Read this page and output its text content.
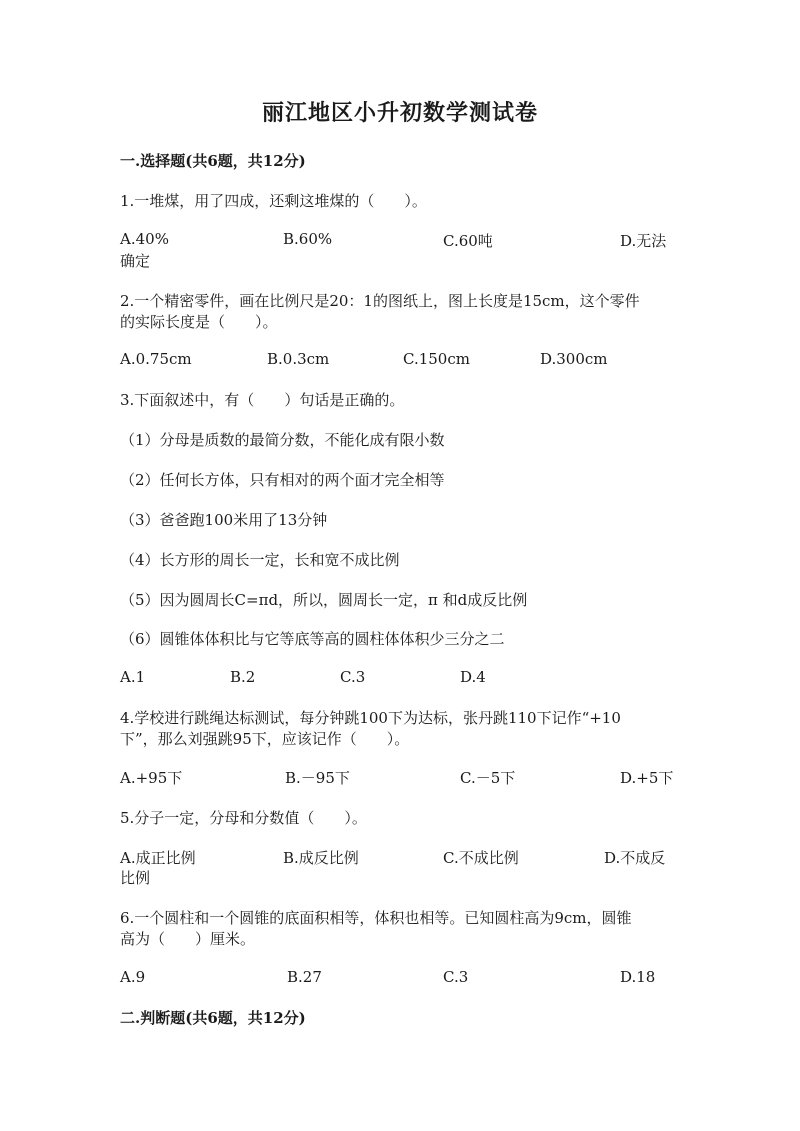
丽江地区小升初数学测试卷
一.选择题(共6题，共12分)
1.一堆煤，用了四成，还剩这堆煤的（　　）。
A.40%	B.60%	C.60吨	D.无法
确定
2.一个精密零件，画在比例尺是20：1的图纸上，图上长度是15cm，这个零件
的实际长度是（　　）。
A.0.75cm	B.0.3cm	C.150cm	D.300cm
3.下面叙述中，有（　　）句话是正确的。
（1）分母是质数的最简分数，不能化成有限小数
（2）任何长方体，只有相对的两个面才完全相等
（3）爸爸跑100米用了13分钟
（4）长方形的周长一定，长和宽不成比例
（5）因为圆周长C=πd，所以，圆周长一定，π 和d成反比例
（6）圆锥体体积比与它等底等高的圆柱体体积少三分之二
A.1	B.2	C.3	D.4
4.学校进行跳绳达标测试，每分钟跳100下为达标，张丹跳110下记作“+10
下”，那么刘强跳95下，应该记作（　　）。
A.+95下	B.－95下	C.－5下	D.+5下
5.分子一定，分母和分数值（　　）。
A.成正比例	B.成反比例	C.不成比例	D.不成反
比例
6.一个圆柱和一个圆锥的底面积相等，体积也相等。已知圆柱高为9cm，圆锥
高为（　　）厘米。
A.9	B.27	C.3	D.18
二.判断题(共6题，共12分)
